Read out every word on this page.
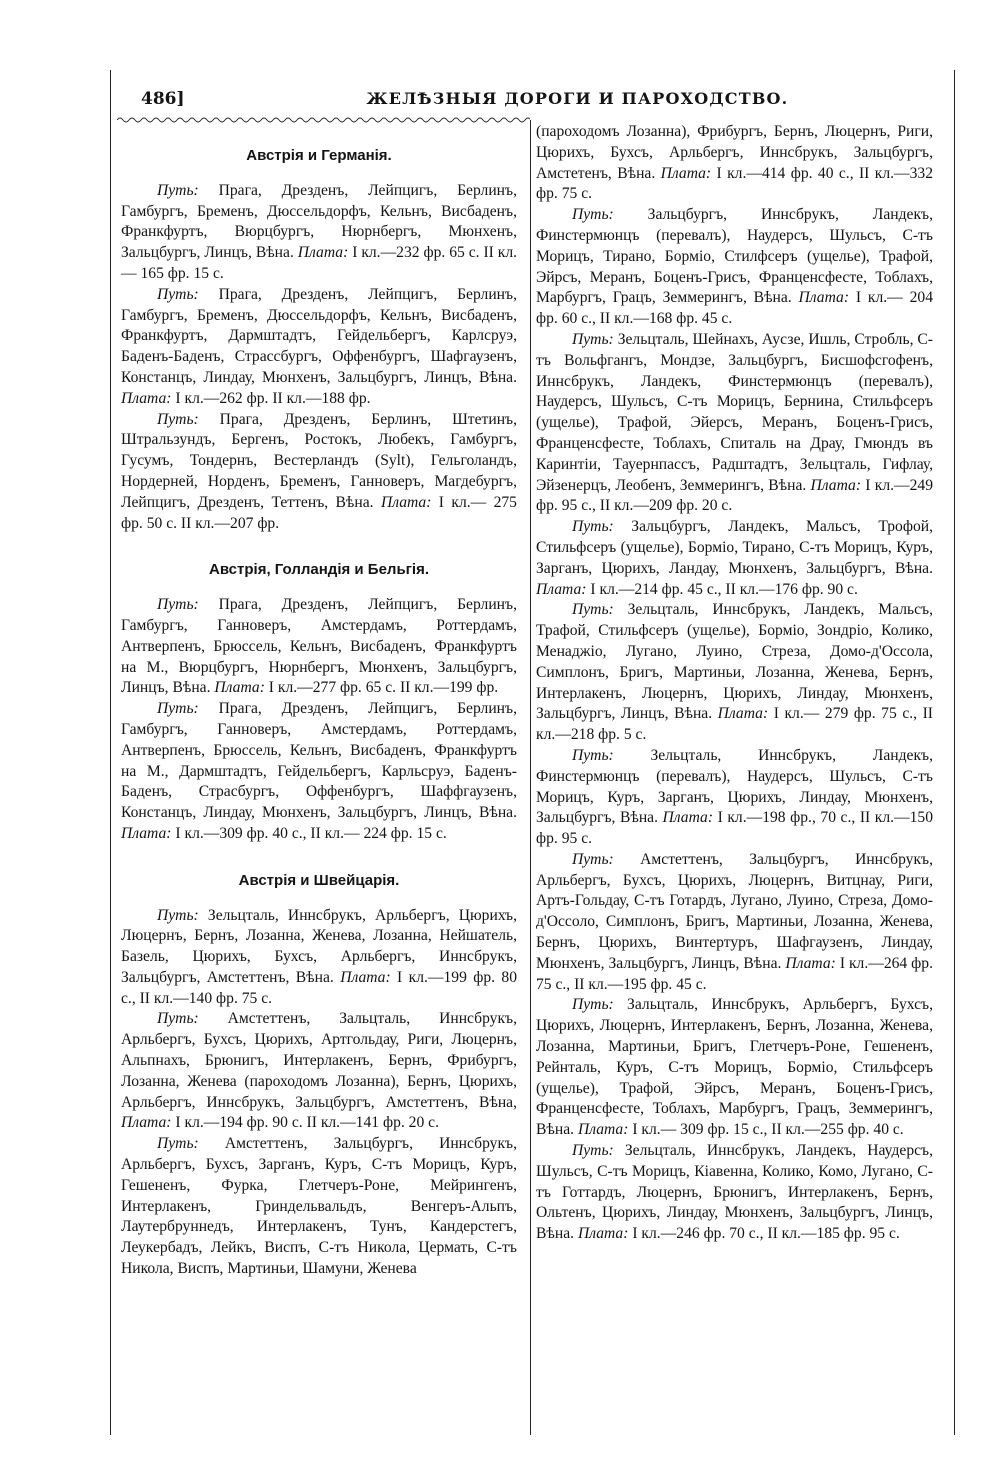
486]	ЖЕЛѢЗНЫЯ ДОРОГИ И ПАРОХОДСТВО.
Австрія и Германія.

Путь: Прага, Дрезденъ, Лейпцигъ, Берлинъ, Гамбургъ, Бременъ, Дюссельдорфъ, Кельнъ, Висбаденъ, Франкфуртъ, Вюрцбургъ, Нюрнбергъ, Мюнхенъ, Зальцбургъ, Линцъ, Вѣна. Плата: I кл.—232 фр. 65 с. II кл.— 165 фр. 15 с.

Путь: Прага, Дрезденъ, Лейпцигъ, Берлинъ, Гамбургъ, Бременъ, Дюссельдорфъ, Кельнъ, Висбаденъ, Франкфуртъ, Дармштадтъ, Гейдельбергъ, Карлсруэ, Баденъ-Баденъ, Страссбургъ, Оффенбургъ, Шафгаузенъ, Констанцъ, Линдау, Мюнхенъ, Зальцбургъ, Линцъ, Вѣна. Плата: I кл.—262 фр. II кл.—188 фр.

Путь: Прага, Дрезденъ, Берлинъ, Штетинъ, Штральзундъ, Бергенъ, Ростокъ, Любекъ, Гамбургъ, Гусумъ, Тондернъ, Вестерландъ (Sylt), Гельголандъ, Нордерней, Норденъ, Бременъ, Ганноверъ, Магдебургъ, Лейпцигъ, Дрезденъ, Теттенъ, Вѣна. Плата: I кл.— 275 фр. 50 с. II кл.—207 фр.

Австрія, Голландія и Бельгія.

Путь: Прага, Дрезденъ, Лейпцигъ, Берлинъ, Гамбургъ, Ганноверъ, Амстердамъ, Роттердамъ, Антверпенъ, Брюссель, Кельнъ, Висбаденъ, Франкфуртъ на М., Вюрцбургъ, Нюрнбергъ, Мюнхенъ, Зальцбургъ, Линцъ, Вѣна. Плата: I кл.—277 фр. 65 с. II кл.—199 фр.

Путь: Прага, Дрезденъ, Лейпцигъ, Берлинъ, Гамбургъ, Ганноверъ, Амстердамъ, Роттердамъ, Антверпенъ, Брюссель, Кельнъ, Висбаденъ, Франкфуртъ на М., Дармштадтъ, Гейдельбергъ, Карльсруэ, Баденъ-Баденъ, Страсбургъ, Оффенбургъ, Шаффгаузенъ, Констанцъ, Линдау, Мюнхенъ, Зальцбургъ, Линцъ, Вѣна. Плата: I кл.—309 фр. 40 с., II кл.— 224 фр. 15 с.

Австрія и Швейцарія.

Путь: Зельцталь, Иннсбрукъ, Арльбергъ, Цюрихъ, Люцернъ, Бернъ, Лозанна, Женева, Лозанна, Нейшатель, Базель, Цюрихъ, Бухсъ, Арльбергъ, Иннсбрукъ, Зальцбургъ, Амстеттенъ, Вѣна. Плата: I кл.—199 фр. 80 с., II кл.—140 фр. 75 с.

Путь: Амстеттенъ, Зальцталь, Иннсбрукъ, Арльбергъ, Бухсъ, Цюрихъ, Артгольдау, Риги, Люцернъ, Альпнахъ, Брюнигъ, Интерлакенъ, Бернъ, Фрибургъ, Лозанна, Женева (пароходомъ Лозанна), Бернъ, Цюрихъ, Арльбергъ, Иннсбрукъ, Зальцбургъ, Амстеттенъ, Вѣна, Плата: I кл.—194 фр. 90 с. II кл.—141 фр. 20 с.

Путь: Амстеттенъ, Зальцбургъ, Иннсбрукъ, Арльбергъ, Бухсъ, Зарганъ, Куръ, С-тъ Морицъ, Куръ, Гешененъ, Фурка, Глетчеръ-Роне, Мейрингенъ, Интерлакенъ, Гриндельвальдъ, Венгеръ-Альпъ, Лаутербруннедъ, Интерлакенъ, Тунъ, Кандерстегъ, Леукербадъ, Лейкъ, Виспъ, С-тъ Никола, Цермать, С-тъ Никола, Виспъ, Мартиньи, Шамуни, Женева

(пароходомъ Лозанна), Фрибургъ, Бернъ, Люцернъ, Риги, Цюрихъ, Бухсъ, Арльбергъ, Иннсбрукъ, Зальцбургъ, Амстетенъ, Вѣна. Плата: I кл.—414 фр. 40 с., II кл.—332 фр. 75 с.

Путь: Зальцбургъ, Иннсбрукъ, Ландекъ, Финстермюнцъ (перевалъ), Наудерсъ, Шульсъ, С-тъ Морицъ, Тирано, Борміо, Стилфсеръ (ущелье), Трафой, Эйрсъ, Меранъ, Боценъ-Грисъ, Франценсфесте, Тоблахъ, Марбургъ, Грацъ, Земмерингъ, Вѣна. Плата: I кл.— 204 фр. 60 с., II кл.—168 фр. 45 с.

Путь: Зельцталь, Шейнахъ, Аусзе, Ишль, Стробль, С-тъ Вольфгангъ, Мондзе, Зальцбургъ, Бисшофсгофенъ, Иннсбрукъ, Ландекъ, Финстермюнцъ (перевалъ), Наудерсъ, Шульсъ, С-тъ Морицъ, Бернина, Стильфсеръ (ущелье), Трафой, Эйерсъ, Меранъ, Боценъ-Грисъ, Франценсфесте, Тоблахъ, Спиталь на Драу, Гмюндъ въ Каринтіи, Тауернпассъ, Радштадтъ, Зельцталь, Гифлау, Эйзенерцъ, Леобенъ, Земмерингъ, Вѣна. Плата: I кл.—249 фр. 95 с., II кл.—209 фр. 20 с.

Путь: Зальцбургъ, Ландекъ, Мальсъ, Трофой, Стильфсеръ (ущелье), Борміо, Тирано, С-тъ Морицъ, Куръ, Зарганъ, Цюрихъ, Ландау, Мюнхенъ, Зальцбургъ, Вѣна. Плата: I кл.—214 фр. 45 с., II кл.—176 фр. 90 с.

Путь: Зельцталь, Иннсбрукъ, Ландекъ, Мальсъ, Трафой, Стильфсеръ (ущелье), Борміо, Зондріо, Колико, Менаджіо, Лугано, Луино, Стреза, Домо-д'Оссола, Симплонъ, Бригъ, Мартиньи, Лозанна, Женева, Бернъ, Интерлакенъ, Люцернъ, Цюрихъ, Линдау, Мюнхенъ, Зальцбургъ, Линцъ, Вѣна. Плата: I кл.— 279 фр. 75 с., II кл.—218 фр. 5 с.

Путь: Зельцталь, Иннсбрукъ, Ландекъ, Финстермюнцъ (перевалъ), Наудерсъ, Шульсъ, С-тъ Морицъ, Куръ, Зарганъ, Цюрихъ, Линдау, Мюнхенъ, Зальцбургъ, Вѣна. Плата: I кл.—198 фр., 70 с., II кл.—150 фр. 95 с.

Путь: Амстеттенъ, Зальцбургъ, Иннсбрукъ, Арльбергъ, Бухсъ, Цюрихъ, Люцернъ, Витцнау, Риги, Артъ-Гольдау, С-тъ Готардъ, Лугано, Луино, Стреза, Домо-д'Оссоло, Симплонъ, Бригъ, Мартиньи, Лозанна, Женева, Бернъ, Цюрихъ, Винтертуръ, Шафгаузенъ, Линдау, Мюнхенъ, Зальцбургъ, Линцъ, Вѣна. Плата: I кл.—264 фр. 75 с., II кл.—195 фр. 45 с.

Путь: Зальцталь, Иннсбрукъ, Арльбергъ, Бухсъ, Цюрихъ, Люцернъ, Интерлакенъ, Бернъ, Лозанна, Женева, Лозанна, Мартиньи, Бригъ, Глетчеръ-Роне, Гешененъ, Рейнталь, Куръ, С-тъ Морицъ, Борміо, Стильфсеръ (ущелье), Трафой, Эйрсъ, Меранъ, Боценъ-Грисъ, Франценсфесте, Тоблахъ, Марбургъ, Грацъ, Земмерингъ, Вѣна. Плата: I кл.— 309 фр. 15 с., II кл.—255 фр. 40 с.

Путь: Зельцталь, Иннсбрукъ, Ландекъ, Наудерсъ, Шульсъ, С-тъ Морицъ, Кіавенна, Колико, Комо, Лугано, С-тъ Готтардъ, Люцернъ, Брюнигъ, Интерлакенъ, Бернъ, Ольтенъ, Цюрихъ, Линдау, Мюнхенъ, Зальцбургъ, Линцъ, Вѣна. Плата: I кл.—246 фр. 70 с., II кл.—185 фр. 95 с.
